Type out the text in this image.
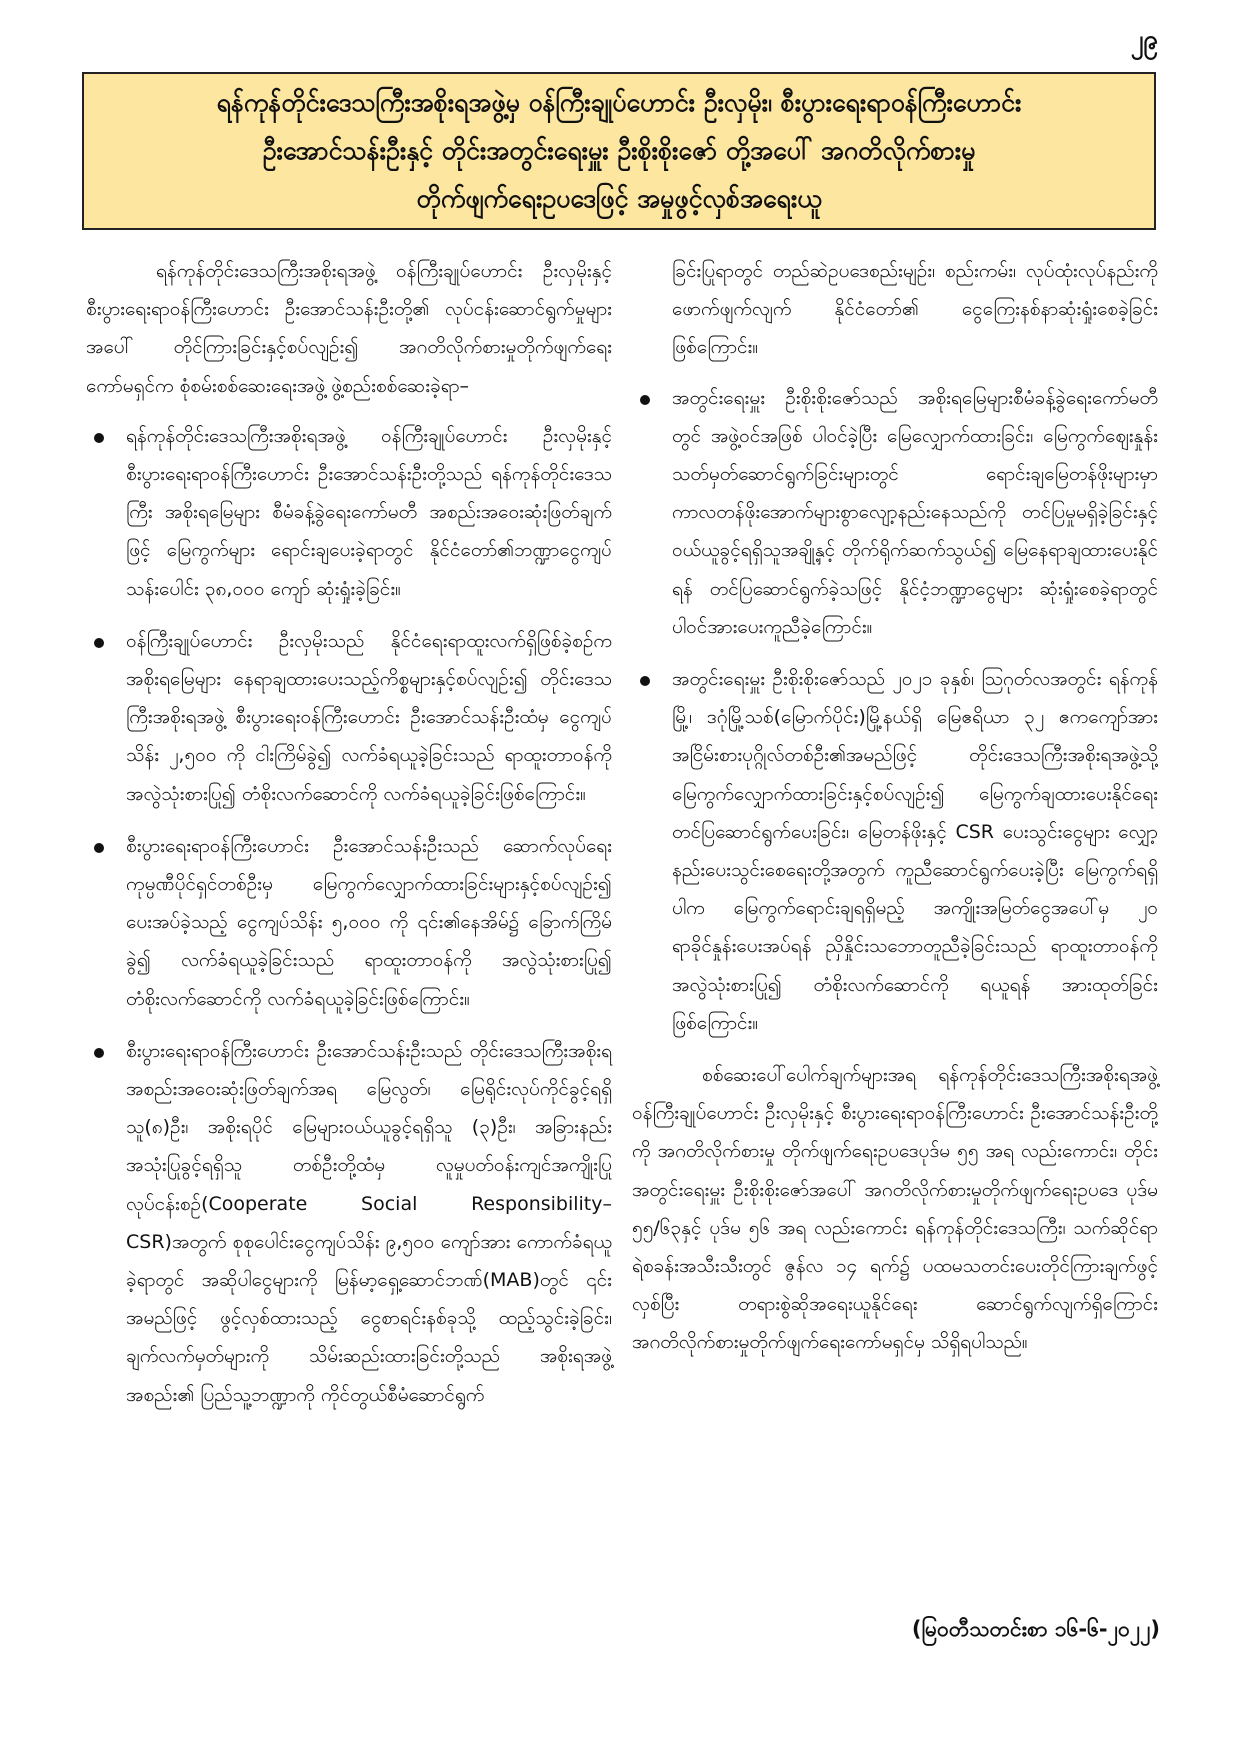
၂၉
ရန်ကုန်တိုင်းဒေသကြီးအစိုးရအဖွဲ့မှ ဝန်ကြီးချုပ်ဟောင်း ဦးလှမိုး၊ စီးပွားရေးရာဝန်ကြီးဟောင်း
ဦးအောင်သန်းဦးနှင့် တိုင်းအတွင်းရေးမှူး ဦးစိုးစိုးဇော် တို့အပေါ် အဂတိလိုက်စားမှု
တိုက်ဖျက်ရေးဥပဒေဖြင့် အမှုဖွင့်လှစ်အရေးယူ

ရန်ကုန်တိုင်းဒေသကြီးအစိုးရအဖွဲ့ ဝန်ကြီးချုပ်ဟောင်း ဦးလှမိုးနှင့် စီးပွားရေးရာဝန်ကြီးဟောင်း ဦးအောင်သန်းဦးတို့၏ လုပ်ငန်းဆောင်ရွက်မှုများအပေါ် တိုင်ကြားခြင်းနှင့်စပ်လျဉ်း၍ အဂတိလိုက်စားမှုတိုက်ဖျက်ရေးကော်မရှင်က စုံစမ်းစစ်ဆေးရေးအဖွဲ့ ဖွဲ့စည်းစစ်ဆေးခဲ့ရာ–

ရန်ကုန်တိုင်းဒေသကြီးအစိုးရအဖွဲ့ ဝန်ကြီးချုပ်ဟောင်း ဦးလှမိုးနှင့် စီးပွားရေးရာဝန်ကြီးဟောင်း ဦးအောင်သန်းဦးတို့သည် ရန်ကုန်တိုင်းဒေသကြီး အစိုးရမြေများ စီမံခန့်ခွဲရေးကော်မတီ အစည်းအဝေးဆုံးဖြတ်ချက်ဖြင့် မြေကွက်များ ရောင်းချပေးခဲ့ရာတွင် နိုင်ငံတော်၏ဘဏ္ဍာငွေကျပ်သန်းပေါင်း ၃၈,၀၀၀ ကျော် ဆုံးရှုံးခဲ့ခြင်း။
ဝန်ကြီးချုပ်ဟောင်း ဦးလှမိုးသည် နိုင်ငံရေးရာထူးလက်ရှိဖြစ်ခဲ့စဉ်က အစိုးရမြေများ နေရာချထားပေးသည့်ကိစ္စများနှင့်စပ်လျဉ်း၍ တိုင်းဒေသကြီးအစိုးရအဖွဲ့ စီးပွားရေးဝန်ကြီးဟောင်း ဦးအောင်သန်းဦးထံမှ ငွေကျပ်သိန်း ၂,၅၀၀ ကို ငါးကြိမ်ခွဲ၍ လက်ခံရယူခဲ့ခြင်းသည် ရာထူးတာဝန်ကို အလွဲသုံးစားပြု၍ တံစိုးလက်ဆောင်ကို လက်ခံရယူခဲ့ခြင်းဖြစ်ကြောင်း။
စီးပွားရေးရာဝန်ကြီးဟောင်း ဦးအောင်သန်းဦးသည် ဆောက်လုပ်ရေးကုမ္ပဏီပိုင်ရှင်တစ်ဦးမှ မြေကွက်လျှောက်ထားခြင်းများနှင့်စပ်လျဉ်း၍ ပေးအပ်ခဲ့သည့် ငွေကျပ်သိန်း ၅,၀၀၀ ကို ၎င်း၏နေအိမ်၌ ခြောက်ကြိမ်ခွဲ၍ လက်ခံရယူခဲ့ခြင်းသည် ရာထူးတာဝန်ကို အလွဲသုံးစားပြု၍ တံစိုးလက်ဆောင်ကို လက်ခံရယူခဲ့ခြင်းဖြစ်ကြောင်း။
စီးပွားရေးရာဝန်ကြီးဟောင်း ဦးအောင်သန်းဦးသည် တိုင်းဒေသကြီးအစိုးရအစည်းအဝေးဆုံးဖြတ်ချက်အရ မြေလွတ်၊ မြေရိုင်းလုပ်ကိုင်ခွင့်ရရှိသူ(၈)ဦး၊ အစိုးရပိုင် မြေများဝယ်ယူခွင့်ရရှိသူ (၃)ဦး၊ အခြားနည်းအသုံးပြုခွင့်ရရှိသူ တစ်ဦးတို့ထံမှ လူမှုပတ်ဝန်းကျင်အကျိုးပြုလုပ်ငန်းစဉ်(Cooperate Social Responsibility–CSR)အတွက် စုစုပေါင်းငွေကျပ်သိန်း ၉,၅၀၀ ကျော်အား ကောက်ခံရယူခဲ့ရာတွင် အဆိုပါငွေများကို မြန်မာ့ရှေ့ဆောင်ဘဏ်(MAB)တွင် ၎င်းအမည်ဖြင့် ဖွင့်လှစ်ထားသည့် ငွေစာရင်းနစ်ခုသို့ ထည့်သွင်းခဲ့ခြင်း၊ ချက်လက်မှတ်များကို သိမ်းဆည်းထားခြင်းတို့သည် အစိုးရအဖွဲ့အစည်း၏ ပြည်သူ့ဘဏ္ဍာကို ကိုင်တွယ်စီမံဆောင်ရွက်

ခြင်းပြုရာတွင် တည်ဆဲဥပဒေစည်းမျဉ်း၊ စည်းကမ်း၊ လုပ်ထုံးလုပ်နည်းကိုဖောက်ဖျက်လျက် နိုင်ငံတော်၏ ငွေကြေးနစ်နာဆုံးရှုံးစေခဲ့ခြင်းဖြစ်ကြောင်း။

အတွင်းရေးမှူး ဦးစိုးစိုးဇော်သည် အစိုးရမြေများစီမံခန့်ခွဲရေးကော်မတီတွင် အဖွဲ့ဝင်အဖြစ် ပါဝင်ခဲ့ပြီး မြေလျှောက်ထားခြင်း၊ မြေကွက်ဈေးနှုန်း သတ်မှတ်ဆောင်ရွက်ခြင်းများတွင် ရောင်းချမြေတန်ဖိုးများမှာ ကာလတန်ဖိုးအောက်များစွာလျော့နည်းနေသည်ကို တင်ပြမှုမရှိခဲ့ခြင်းနှင့် ဝယ်ယူခွင့်ရရှိသူအချို့နှင့် တိုက်ရိုက်ဆက်သွယ်၍ မြေနေရာချထားပေးနိုင်ရန် တင်ပြဆောင်ရွက်ခဲ့သဖြင့် နိုင်ငံ့ဘဏ္ဍာငွေများ ဆုံးရှုံးစေခဲ့ရာတွင် ပါဝင်အားပေးကူညီခဲ့ကြောင်း။
အတွင်းရေးမှူး ဦးစိုးစိုးဇော်သည် ၂၀၂၁ ခုနှစ်၊ ဩဂုတ်လအတွင်း ရန်ကုန်မြို့၊ ဒဂုံမြို့သစ်(မြောက်ပိုင်း)မြို့နယ်ရှိ မြေဧရိယာ ၃၂ ဧကကျော်အား အငြိမ်းစားပုဂ္ဂိုလ်တစ်ဦး၏အမည်ဖြင့် တိုင်းဒေသကြီးအစိုးရအဖွဲ့သို့ မြေကွက်လျှောက်ထားခြင်းနှင့်စပ်လျဉ်း၍ မြေကွက်ချထားပေးနိုင်ရေး တင်ပြဆောင်ရွက်ပေးခြင်း၊ မြေတန်ဖိုးနှင့် CSR ပေးသွင်းငွေများ လျှော့နည်းပေးသွင်းစေရေးတို့အတွက် ကူညီဆောင်ရွက်ပေးခဲ့ပြီး မြေကွက်ရရှိပါက မြေကွက်ရောင်းချရရှိမည့် အကျိုးအမြတ်ငွေအပေါ်မှ ၂၀ ရာခိုင်နှုန်းပေးအပ်ရန် ညှိနှိုင်းသဘောတူညီခဲ့ခြင်းသည် ရာထူးတာဝန်ကို အလွဲသုံးစားပြု၍ တံစိုးလက်ဆောင်ကို ရယူရန် အားထုတ်ခြင်းဖြစ်ကြောင်း။

စစ်ဆေးပေါ်ပေါက်ချက်များအရ ရန်ကုန်တိုင်းဒေသကြီးအစိုးရအဖွဲ့ ဝန်ကြီးချုပ်ဟောင်း ဦးလှမိုးနှင့် စီးပွားရေးရာဝန်ကြီးဟောင်း ဦးအောင်သန်းဦးတို့ကို အဂတိလိုက်စားမှု တိုက်ဖျက်ရေးဥပဒေပုဒ်မ ၅၅ အရ လည်းကောင်း၊ တိုင်းအတွင်းရေးမှူး ဦးစိုးစိုးဇော်အပေါ် အဂတိလိုက်စားမှုတိုက်ဖျက်ရေးဥပဒေ ပုဒ်မ ၅၅/၆၃နှင့် ပုဒ်မ ၅၆ အရ လည်းကောင်း ရန်ကုန်တိုင်းဒေသကြီး၊ သက်ဆိုင်ရာ ရဲစခန်းအသီးသီးတွင် ဇွန်လ ၁၄ ရက်၌ ပထမသတင်းပေးတိုင်ကြားချက်ဖွင့်လှစ်ပြီး တရားစွဲဆိုအရေးယူနိုင်ရေး ဆောင်ရွက်လျက်ရှိကြောင်း အဂတိလိုက်စားမှုတိုက်ဖျက်ရေးကော်မရှင်မှ သိရှိရပါသည်။

(မြဝတီသတင်းစာ ၁၆-၆-၂၀၂၂)
